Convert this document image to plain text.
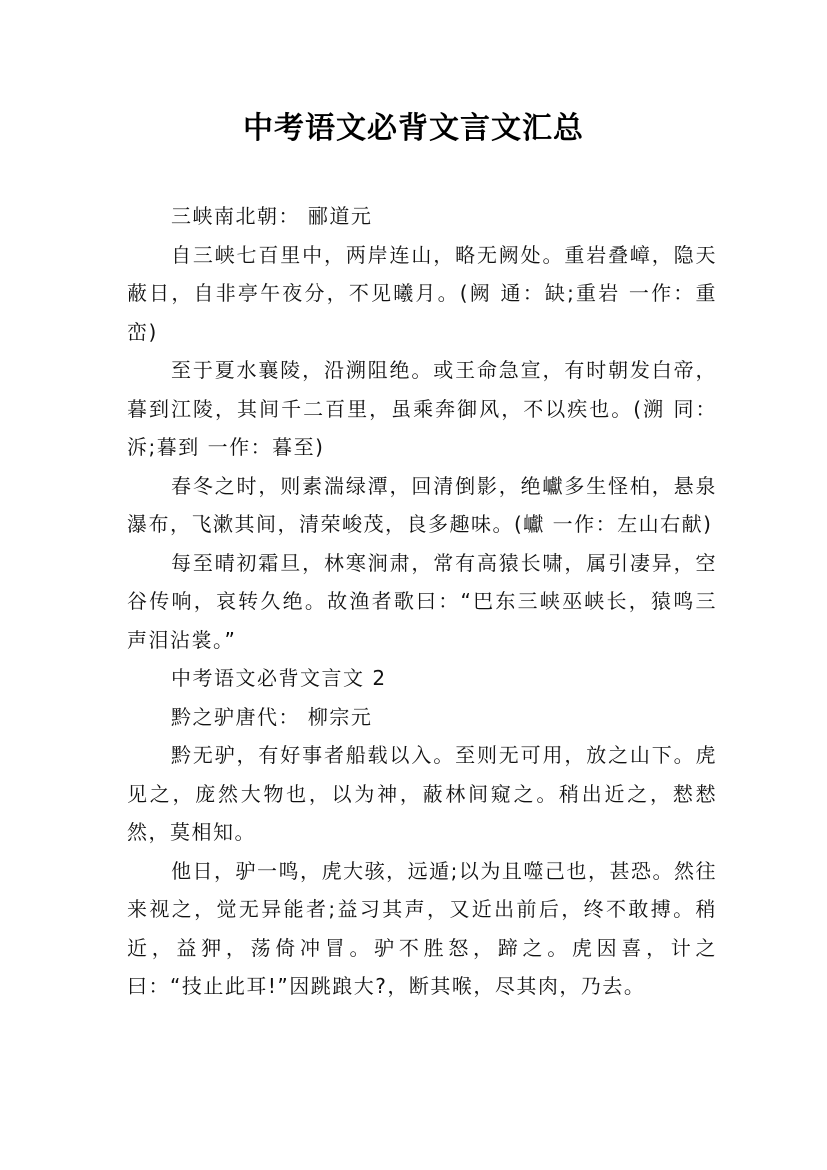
中考语文必背文言文汇总

三峡南北朝： 郦道元

自三峡七百里中，两岸连山，略无阙处。重岩叠嶂，隐天蔽日，自非亭午夜分，不见曦月。(阙 通：缺;重岩 一作：重峦)

至于夏水襄陵，沿溯阻绝。或王命急宣，有时朝发白帝，暮到江陵，其间千二百里，虽乘奔御风，不以疾也。(溯 同：泝;暮到 一作：暮至)

春冬之时，则素湍绿潭，回清倒影，绝巘多生怪柏，悬泉瀑布，飞漱其间，清荣峻茂，良多趣味。(巘 一作：左山右献)

每至晴初霜旦，林寒涧肃，常有高猿长啸，属引凄异，空谷传响，哀转久绝。故渔者歌曰：“巴东三峡巫峡长，猿鸣三声泪沾裳。”

中考语文必背文言文 2

黔之驴唐代： 柳宗元

黔无驴，有好事者船载以入。至则无可用，放之山下。虎见之，庞然大物也，以为神，蔽林间窥之。稍出近之，慭慭然，莫相知。

他日，驴一鸣，虎大骇，远遁;以为且噬己也，甚恐。然往来视之，觉无异能者;益习其声，又近出前后，终不敢搏。稍近，益狎，荡倚冲冒。驴不胜怒，蹄之。虎因喜，计之曰：“技止此耳!”因跳踉大?，断其喉，尽其肉，乃去。
